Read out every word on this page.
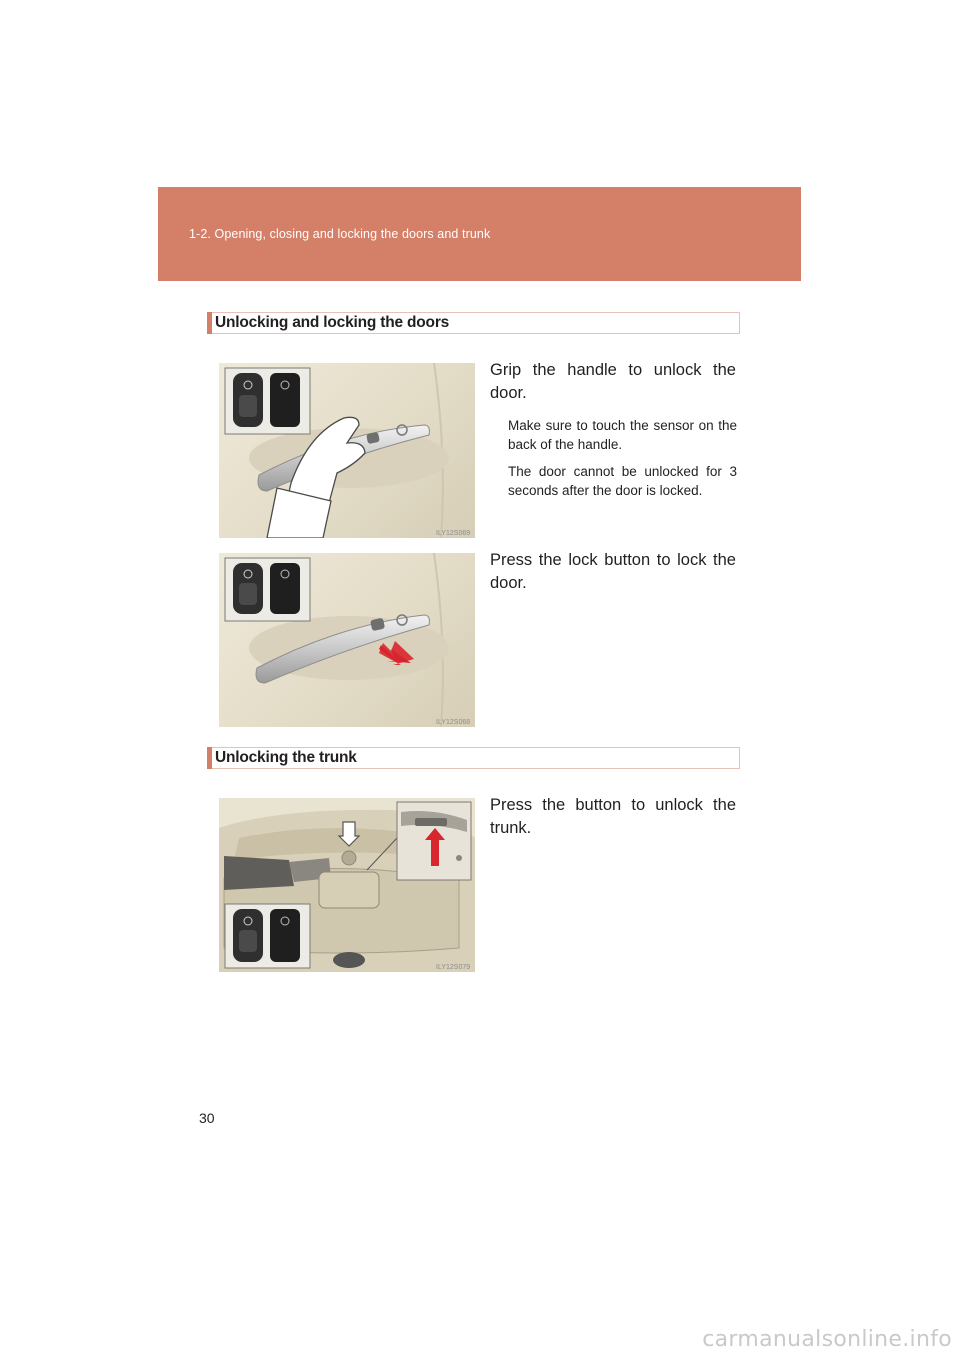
1-2. Opening, closing and locking the doors and trunk
Unlocking and locking the doors
ILY12S069
Grip the handle to unlock the door.
Make sure to touch the sensor on the back of the handle.
The door cannot be unlocked for 3 seconds after the door is locked.
ILY12S068
Press the lock button to lock the door.
Unlocking the trunk
ILY12S079
Press the button to unlock the trunk.
30
carmanualsonline.info
